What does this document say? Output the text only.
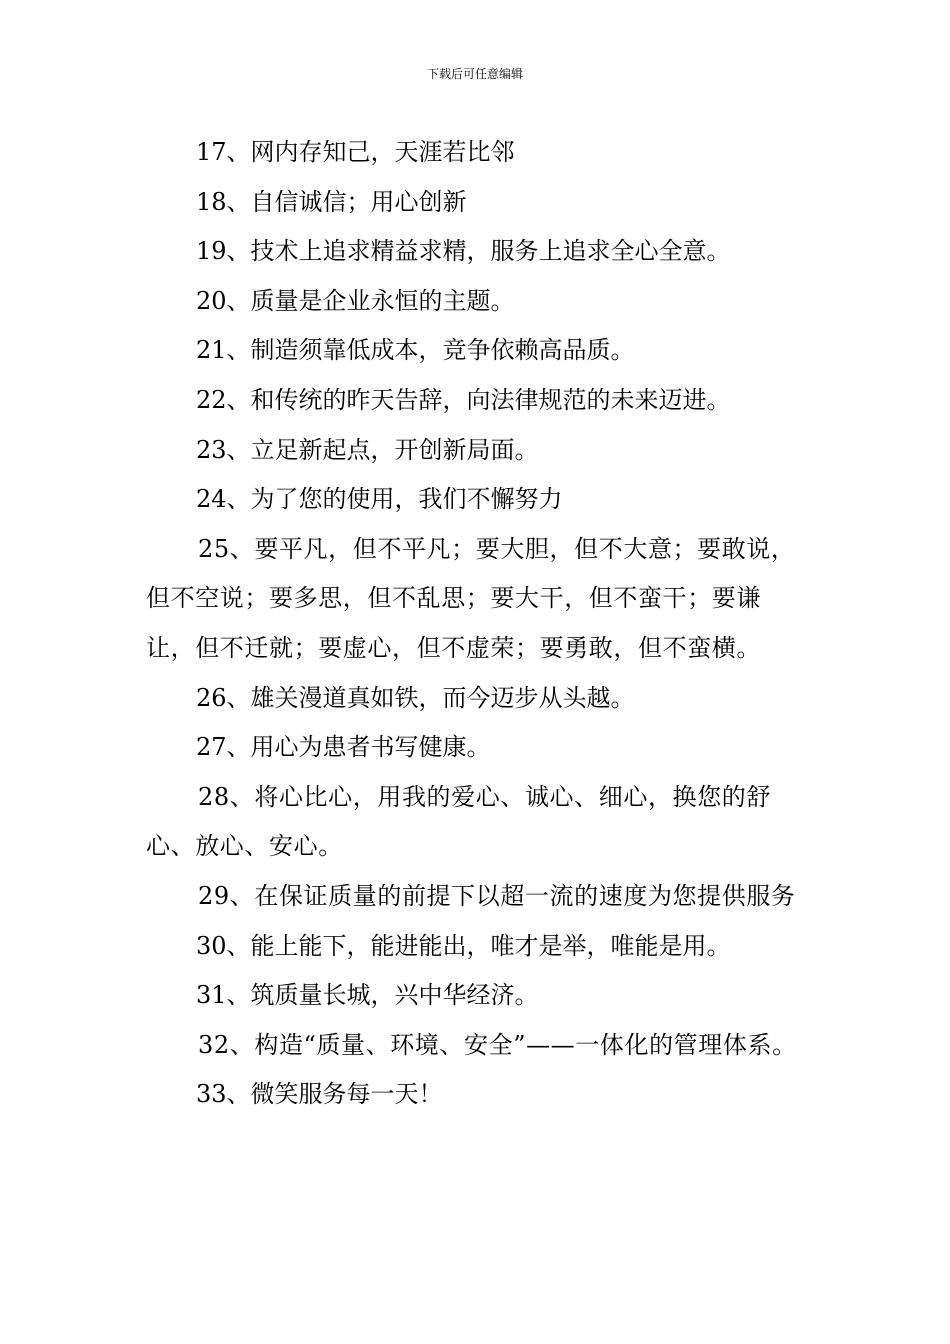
下载后可任意编辑

17、网内存知己，天涯若比邻

18、自信诚信；用心创新

19、技术上追求精益求精，服务上追求全心全意。

20、质量是企业永恒的主题。

21、制造须靠低成本，竞争依赖高品质。

22、和传统的昨天告辞，向法律规范的未来迈进。

23、立足新起点，开创新局面。

24、为了您的使用，我们不懈努力

25、要平凡，但不平凡；要大胆，但不大意；要敢说，但不空说；要多思，但不乱思；要大干，但不蛮干；要谦让，但不迁就；要虚心，但不虚荣；要勇敢，但不蛮横。

26、雄关漫道真如铁，而今迈步从头越。

27、用心为患者书写健康。

28、将心比心，用我的爱心、诚心、细心，换您的舒心、放心、安心。

29、在保证质量的前提下以超一流的速度为您提供服务

30、能上能下，能进能出，唯才是举，唯能是用。

31、筑质量长城，兴中华经济。

32、构造“质量、环境、安全”——一体化的管理体系。

33、微笑服务每一天！
